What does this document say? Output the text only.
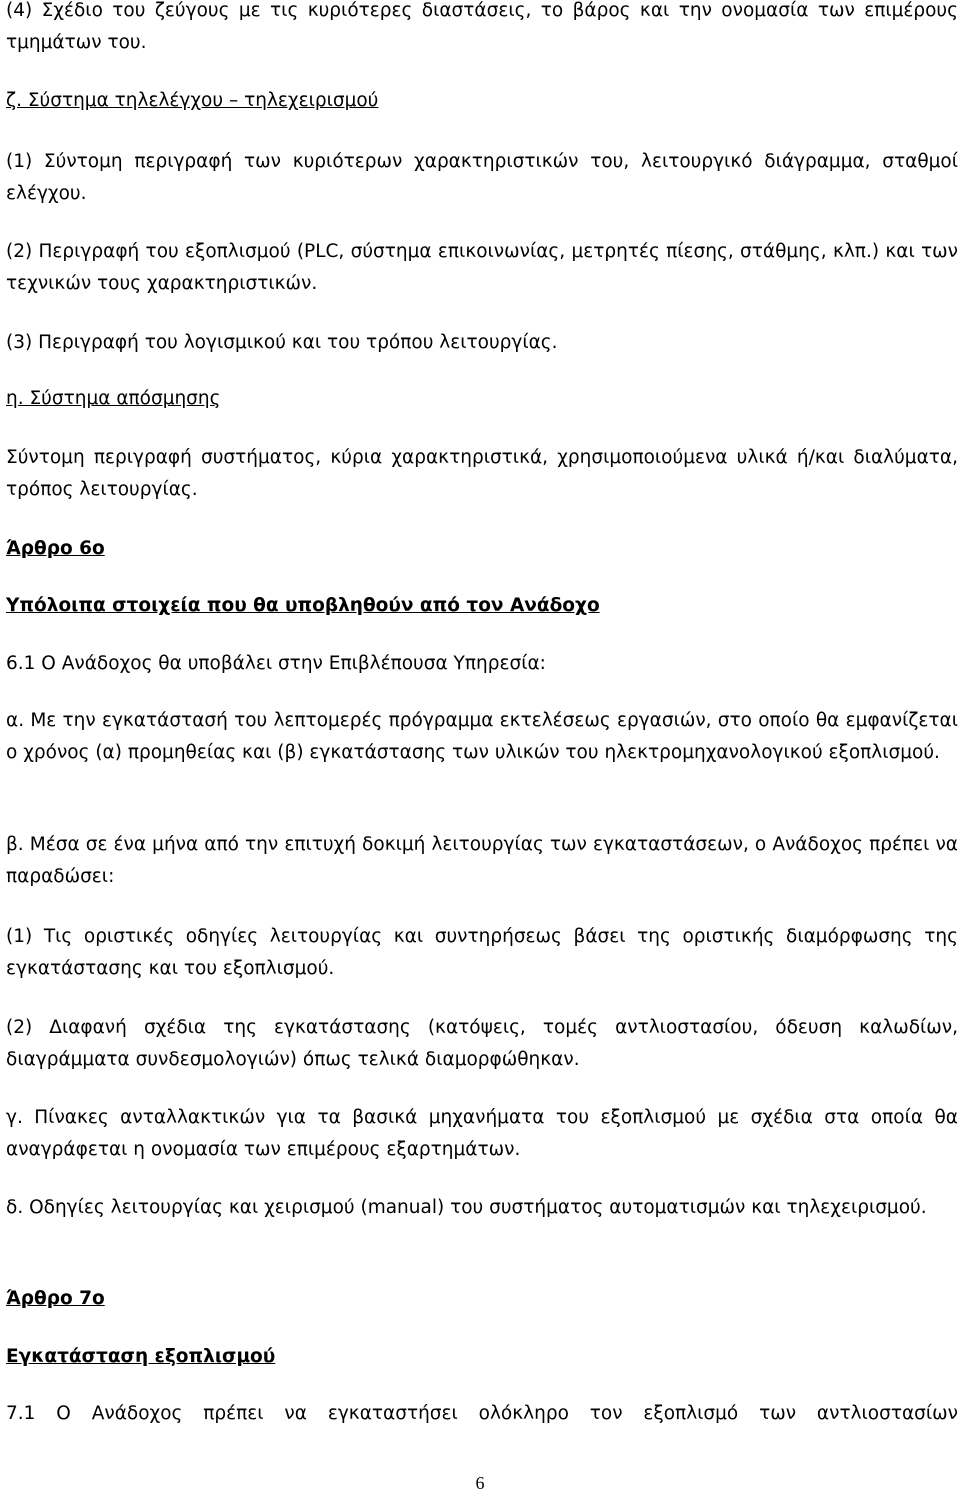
(4) Σχέδιο του ζεύγους με τις κυριότερες διαστάσεις, το βάρος και την ονομασία των επιμέρους τμημάτων του.

ζ. Σύστημα τηλελέγχου – τηλεχειρισμού

(1) Σύντομη περιγραφή των κυριότερων χαρακτηριστικών του, λειτουργικό διάγραμμα, σταθμοί ελέγχου.

(2) Περιγραφή του εξοπλισμού (PLC, σύστημα επικοινωνίας, μετρητές πίεσης, στάθμης, κλπ.) και των τεχνικών τους χαρακτηριστικών.

(3) Περιγραφή του λογισμικού και του τρόπου λειτουργίας.

η. Σύστημα απόσμησης

Σύντομη περιγραφή συστήματος, κύρια χαρακτηριστικά, χρησιμοποιούμενα υλικά ή/και διαλύματα, τρόπος λειτουργίας.

Άρθρο 6ο

Υπόλοιπα στοιχεία που θα υποβληθούν από τον Ανάδοχο

6.1 Ο Ανάδοχος θα υποβάλει στην Επιβλέπουσα Υπηρεσία:

α. Με την εγκατάστασή του λεπτομερές πρόγραμμα εκτελέσεως εργασιών, στο οποίο θα εμφανίζεται ο χρόνος (α) προμηθείας και (β) εγκατάστασης των υλικών του ηλεκτρομηχανολογικού εξοπλισμού.

β. Μέσα σε ένα μήνα από την επιτυχή δοκιμή λειτουργίας των εγκαταστάσεων, ο Ανάδοχος πρέπει να παραδώσει:

(1) Τις οριστικές οδηγίες λειτουργίας και συντηρήσεως βάσει της οριστικής διαμόρφωσης της εγκατάστασης και του εξοπλισμού.

(2) Διαφανή σχέδια της εγκατάστασης (κατόψεις, τομές αντλιοστασίου, όδευση καλωδίων, διαγράμματα συνδεσμολογιών) όπως τελικά διαμορφώθηκαν.

γ. Πίνακες ανταλλακτικών για τα βασικά μηχανήματα του εξοπλισμού με σχέδια στα οποία θα αναγράφεται η ονομασία των επιμέρους εξαρτημάτων.

δ. Οδηγίες λειτουργίας και χειρισμού (manual) του συστήματος αυτοματισμών και τηλεχειρισμού.

Άρθρο 7ο

Εγκατάσταση εξοπλισμού

7.1 Ο Ανάδοχος πρέπει να εγκαταστήσει ολόκληρο τον εξοπλισμό των αντλιοστασίων

6
